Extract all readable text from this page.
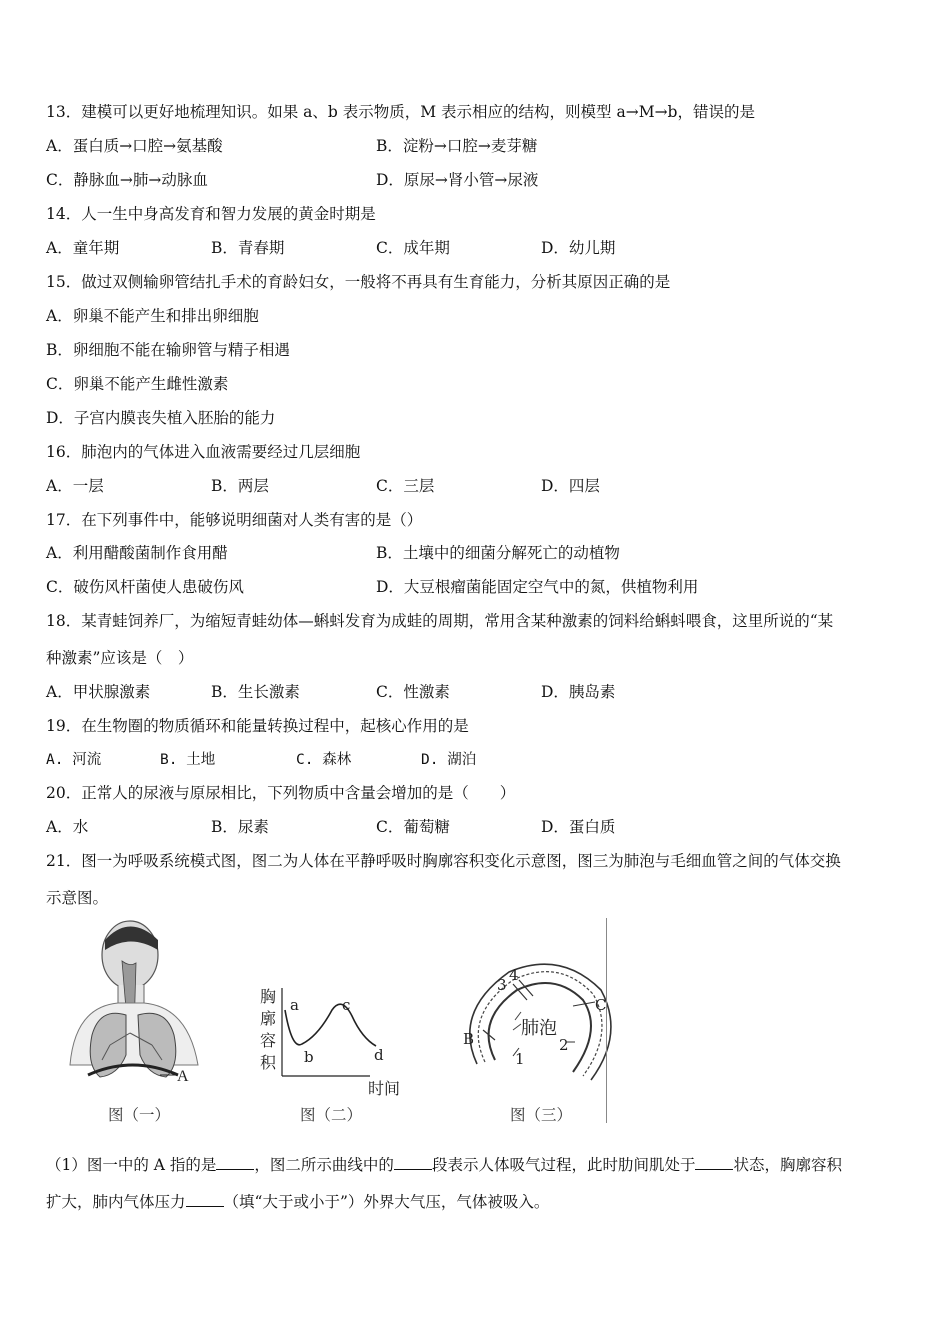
13．建模可以更好地梳理知识。如果 a、b 表示物质，M 表示相应的结构，则模型 a→M→b，错误的是
A．蛋白质→口腔→氨基酸	B．淀粉→口腔→麦芽糖
C．静脉血→肺→动脉血	D．原尿→肾小管→尿液
14．人一生中身高发育和智力发展的黄金时期是
A．童年期	B．青春期	C．成年期	D．幼儿期
15．做过双侧输卵管结扎手术的育龄妇女，一般将不再具有生育能力，分析其原因正确的是
A．卵巢不能产生和排出卵细胞
B．卵细胞不能在输卵管与精子相遇
C．卵巢不能产生雌性激素
D．子宫内膜丧失植入胚胎的能力
16．肺泡内的气体进入血液需要经过几层细胞
A．一层	B．两层	C．三层	D．四层
17．在下列事件中，能够说明细菌对人类有害的是（）
A．利用醋酸菌制作食用醋	B．土壤中的细菌分解死亡的动植物
C．破伤风杆菌使人患破伤风	D．大豆根瘤菌能固定空气中的氮，供植物利用
18．某青蛙饲养厂，为缩短青蛙幼体—蝌蚪发育为成蛙的周期，常用含某种激素的饲料给蝌蚪喂食，这里所说的“某
种激素”应该是（　）
A．甲状腺激素	B．生长激素	C．性激素	D．胰岛素
19．在生物圈的物质循环和能量转换过程中，起核心作用的是
A. 河流	B. 土地	C. 森林	D. 湖泊
20．正常人的尿液与原尿相比，下列物质中含量会增加的是（　　）
A．水	B．尿素	C．葡萄糖	D．蛋白质
21．图一为呼吸系统模式图，图二为人体在平静呼吸时胸廓容积变化示意图，图三为肺泡与毛细血管之间的气体交换
示意图。
A
图（一）
胸
廓
容
积
a
b
c
d
时间
图（二）
肺泡
3
4
B
1
2
C
图（三）
（1）图一中的 A 指的是 ，图二所示曲线中的 段表示人体吸气过程，此时肋间肌处于 状态，胸廓容积
扩大，肺内气体压力 （填“大于或小于”）外界大气压，气体被吸入。
